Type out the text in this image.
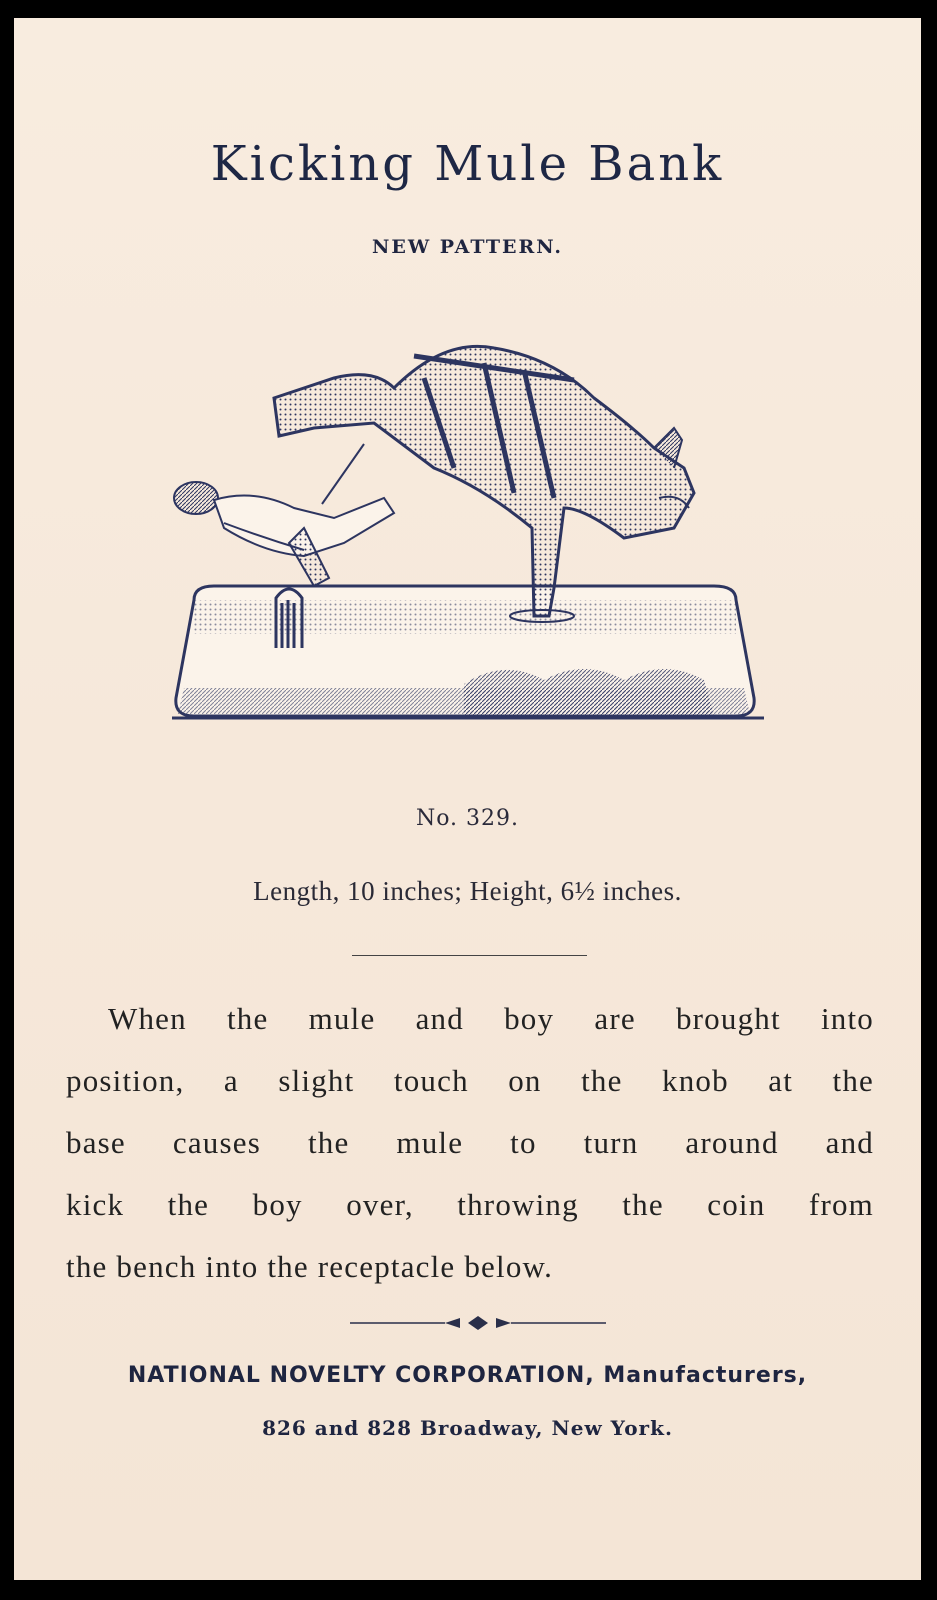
Kicking Mule Bank
NEW PATTERN.
No. 329.
Length, 10 inches; Height, 6½ inches.
When the mule and boy are brought into
position, a slight touch on the knob at the
base causes the mule to turn around and
kick the boy over, throwing the coin from
the bench into the receptacle below.
NATIONAL NOVELTY CORPORATION, Manufacturers,
826 and 828 Broadway, New York.
